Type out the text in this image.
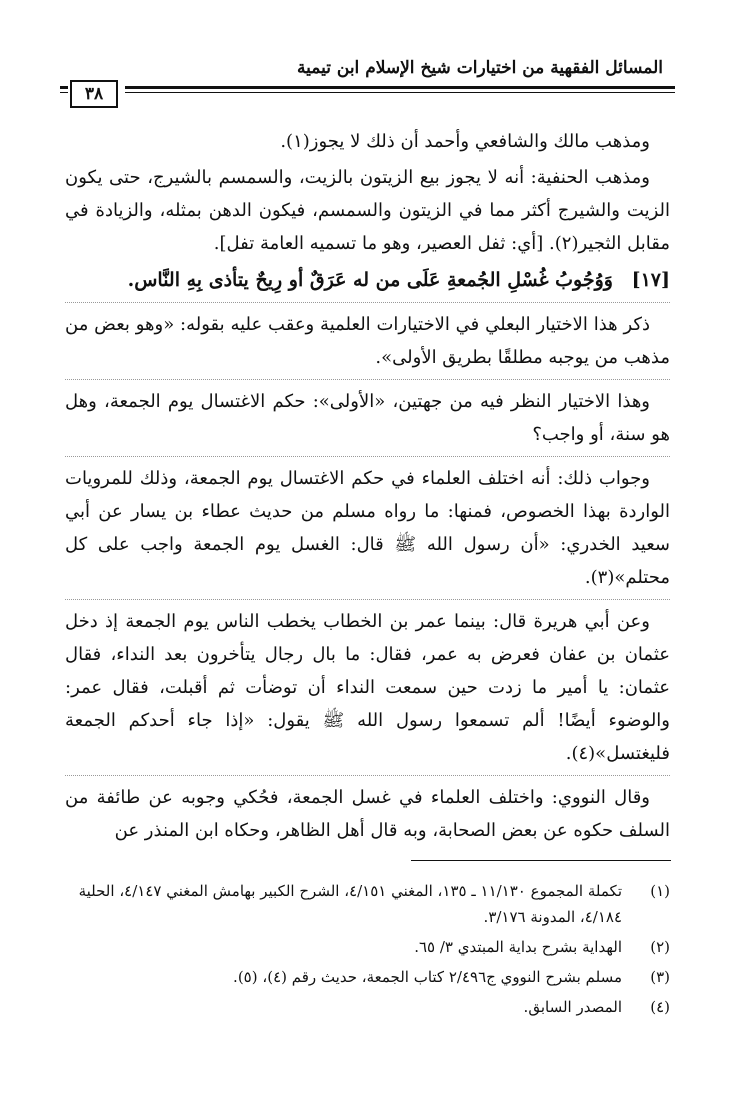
المسائل الفقهية من اختيارات شيخ الإسلام ابن تيمية
٣٨

ومذهب مالك والشافعي وأحمد أن ذلك لا يجوز(١).

ومذهب الحنفية: أنه لا يجوز بيع الزيتون بالزيت، والسمسم بالشيرج، حتى يكون الزيت والشيرج أكثر مما في الزيتون والسمسم، فيكون الدهن بمثله، والزيادة في مقابل الثجير(٢). [أي: ثفل العصير، وهو ما تسميه العامة تفل].

[١٧] وَوُجُوبُ غُسْلِ الجُمعةِ عَلَى من له عَرَقٌ أو رِيحٌ يتأذى بِهِ النَّاس.

ذكر هذا الاختيار البعلي في الاختيارات العلمية وعقب عليه بقوله: «وهو بعض من مذهب من يوجبه مطلقًا بطريق الأولى».

وهذا الاختيار النظر فيه من جهتين، «الأولى»: حكم الاغتسال يوم الجمعة، وهل هو سنة، أو واجب؟

وجواب ذلك: أنه اختلف العلماء في حكم الاغتسال يوم الجمعة، وذلك للمرويات الواردة بهذا الخصوص، فمنها: ما رواه مسلم من حديث عطاء بن يسار عن أبي سعيد الخدري: «أن رسول الله ﷺ قال: الغسل يوم الجمعة واجب على كل محتلم»(٣).

وعن أبي هريرة قال: بينما عمر بن الخطاب يخطب الناس يوم الجمعة إذ دخل عثمان بن عفان فعرض به عمر، فقال: ما بال رجال يتأخرون بعد النداء، فقال عثمان: يا أمير ما زدت حين سمعت النداء أن توضأت ثم أقبلت، فقال عمر: والوضوء أيضًا! ألم تسمعوا رسول الله ﷺ يقول: «إذا جاء أحدكم الجمعة فليغتسل»(٤).

وقال النووي: واختلف العلماء في غسل الجمعة، فحُكي وجوبه عن طائفة من السلف حكوه عن بعض الصحابة، وبه قال أهل الظاهر، وحكاه ابن المنذر عن

(١)
تكملة المجموع ١١/١٣٠ ـ ١٣٥، المغني ٤/١٥١، الشرح الكبير بهامش المغني ٤/١٤٧، الحلية ٤/١٨٤، المدونة ٣/١٧٦.
(٢)
الهداية بشرح بداية المبتدي ٣/ ٦٥.
(٣)
مسلم بشرح النووي ج٢/٤٩٦ كتاب الجمعة، حديث رقم (٤)، (٥).
(٤)
المصدر السابق.
